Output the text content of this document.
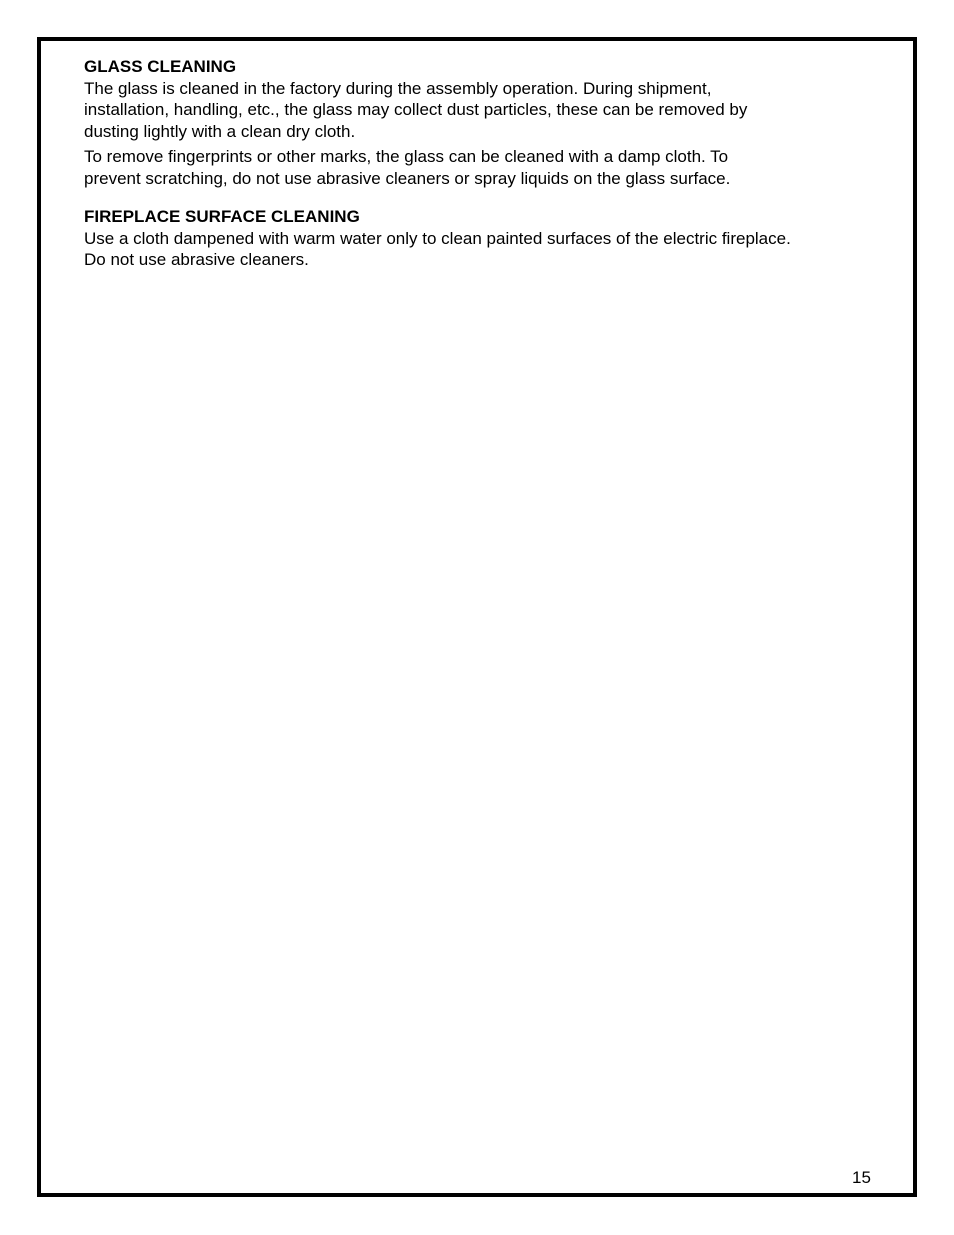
GLASS CLEANING

The glass is cleaned in the factory during the assembly operation. During shipment,
installation, handling, etc., the glass may collect dust particles, these can be removed by
dusting lightly with a clean dry cloth.

To remove fingerprints or other marks, the glass can be cleaned with a damp cloth. To
prevent scratching, do not use abrasive cleaners or spray liquids on the glass surface.

FIREPLACE SURFACE CLEANING

Use a cloth dampened with warm water only to clean painted surfaces of the electric fireplace.
Do not use abrasive cleaners.

15
